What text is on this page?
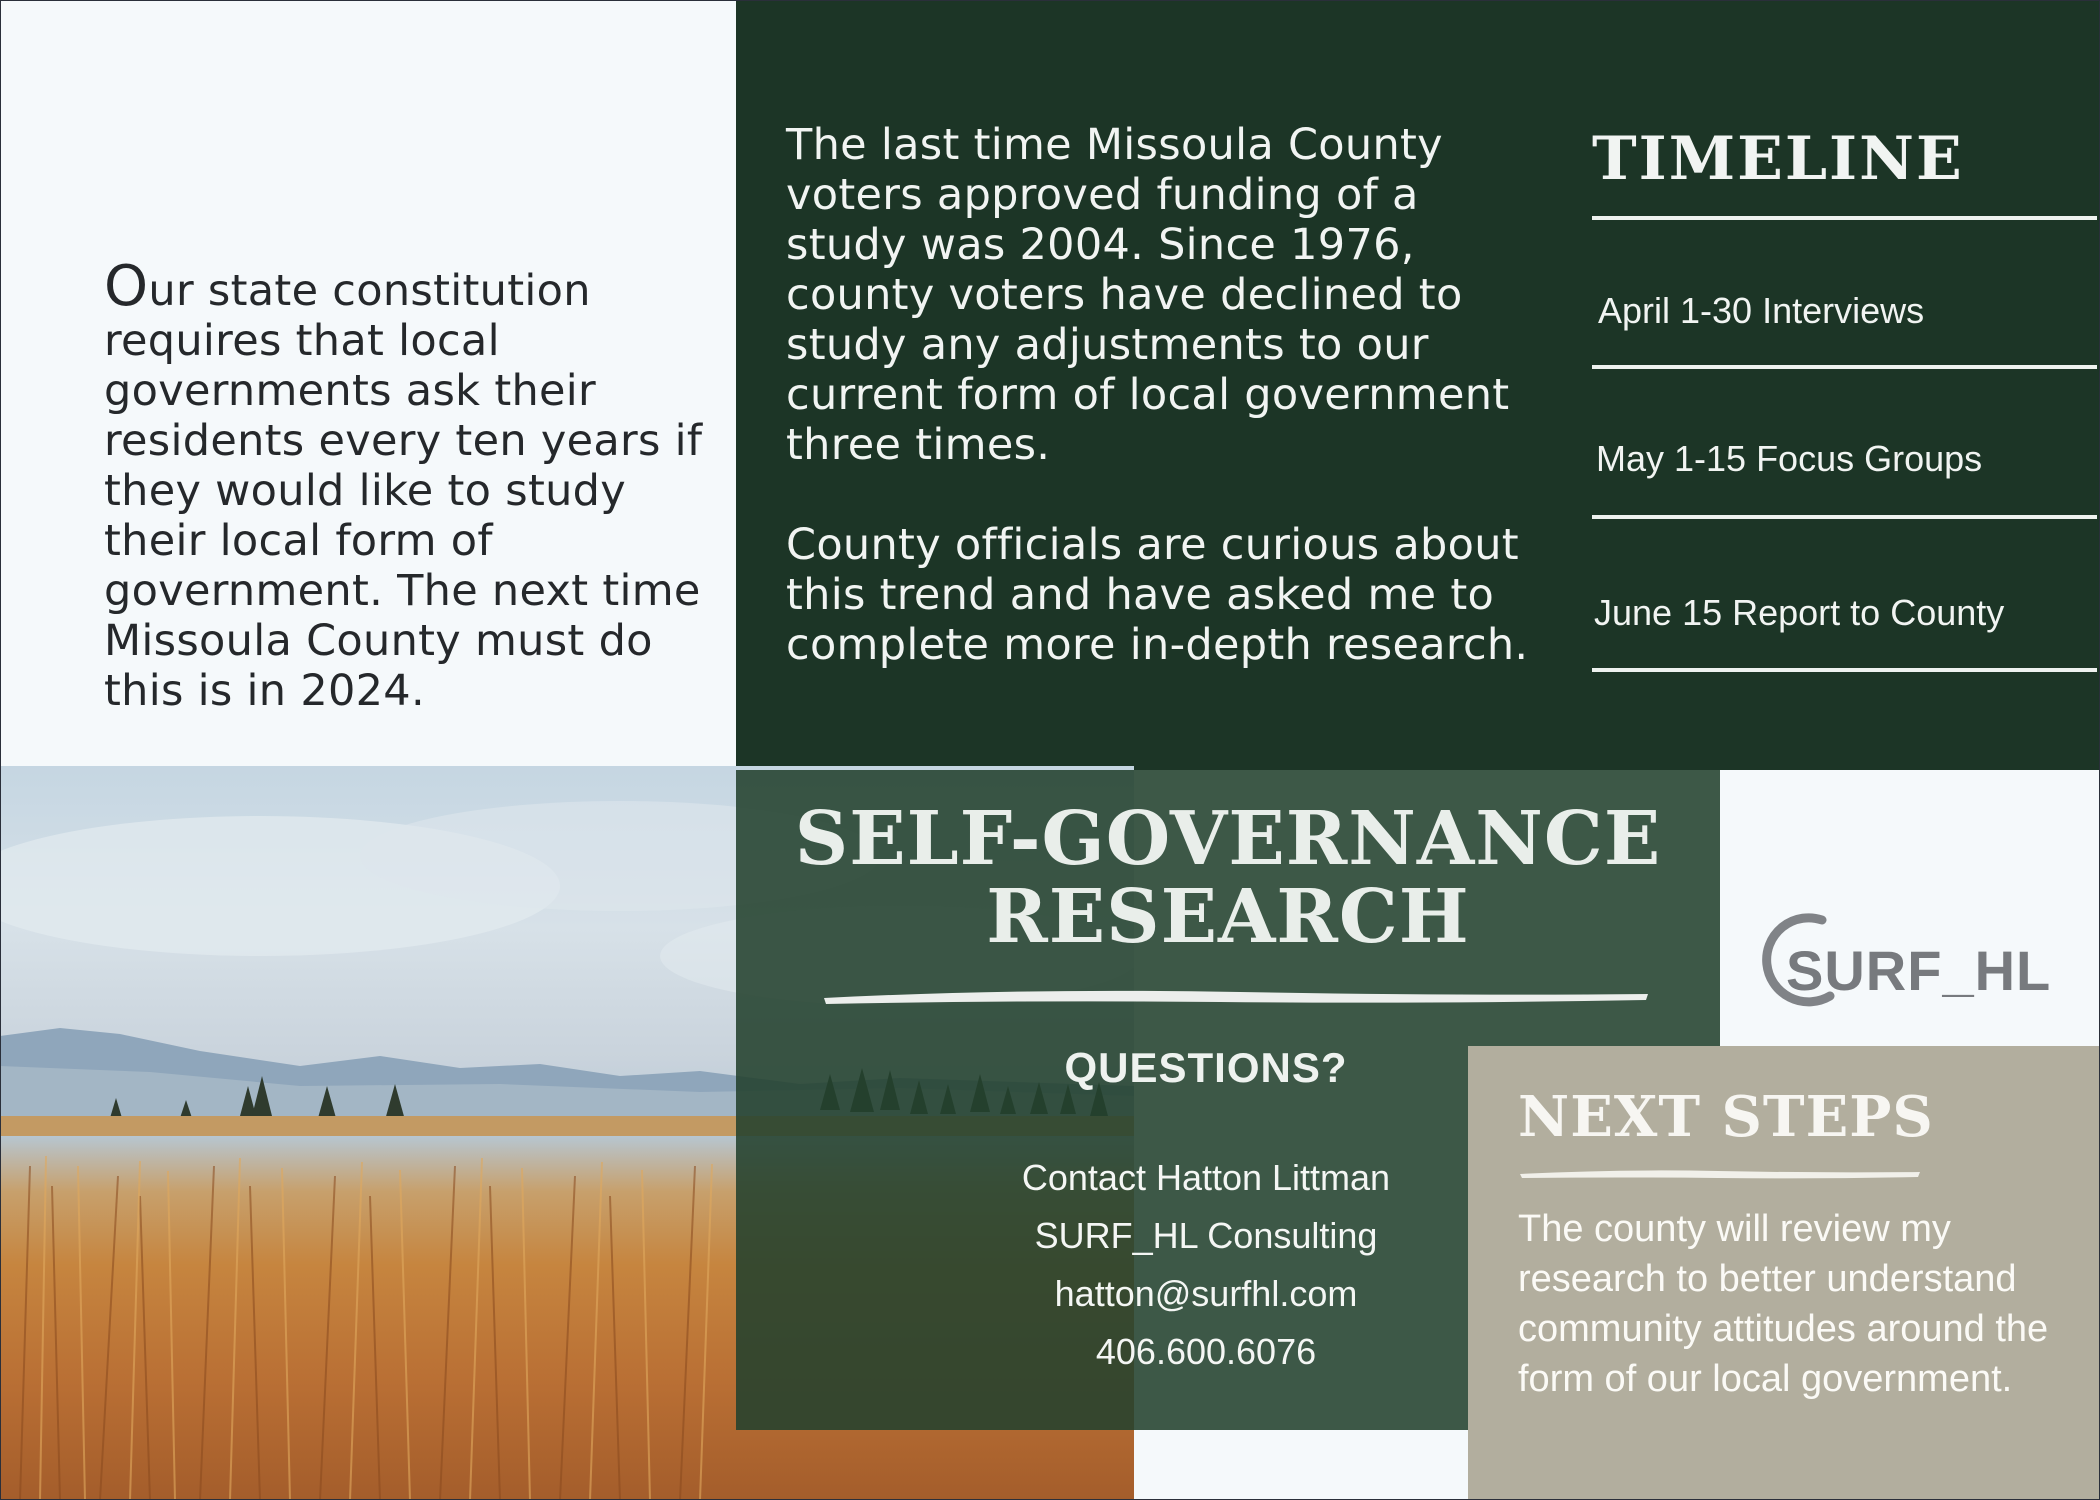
Our state constitution requires that local governments ask their residents every ten years if they would like to study their local form of government. The next time Missoula County must do this is in 2024.

The last time Missoula County voters approved funding of a study was 2004. Since 1976, county voters have declined to study any adjustments to our current form of local government three times.

County officials are curious about this trend and have asked me to complete more in-depth research.

TIMELINE

April 1-30 Interviews

May 1-15 Focus Groups

June 15 Report to County

SELF-GOVERNANCE
RESEARCH
QUESTIONS?

Contact Hatton Littman

SURF_HL Consulting

hatton@surfhl.com

406.600.6076

SURF_HL

NEXT STEPS

The county will review my research to better understand community attitudes around the form of our local government.
